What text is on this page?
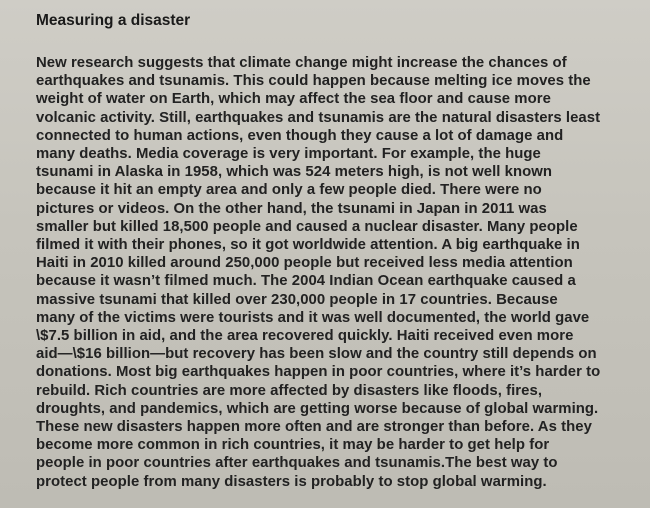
Measuring a disaster
New research suggests that climate change might increase the chances of
earthquakes and tsunamis. This could happen because melting ice moves the
weight of water on Earth, which may affect the sea floor and cause more
volcanic activity. Still, earthquakes and tsunamis are the natural disasters least
connected to human actions, even though they cause a lot of damage and
many deaths. Media coverage is very important. For example, the huge
tsunami in Alaska in 1958, which was 524 meters high, is not well known
because it hit an empty area and only a few people died. There were no
pictures or videos. On the other hand, the tsunami in Japan in 2011 was
smaller but killed 18,500 people and caused a nuclear disaster. Many people
filmed it with their phones, so it got worldwide attention. A big earthquake in
Haiti in 2010 killed around 250,000 people but received less media attention
because it wasn’t filmed much. The 2004 Indian Ocean earthquake caused a
massive tsunami that killed over 230,000 people in 17 countries. Because
many of the victims were tourists and it was well documented, the world gave
\$7.5 billion in aid, and the area recovered quickly. Haiti received even more
aid—\$16 billion—but recovery has been slow and the country still depends on
donations. Most big earthquakes happen in poor countries, where it’s harder to
rebuild. Rich countries are more affected by disasters like floods, fires,
droughts, and pandemics, which are getting worse because of global warming.
These new disasters happen more often and are stronger than before. As they
become more common in rich countries, it may be harder to get help for
people in poor countries after earthquakes and tsunamis.The best way to
protect people from many disasters is probably to stop global warming.
